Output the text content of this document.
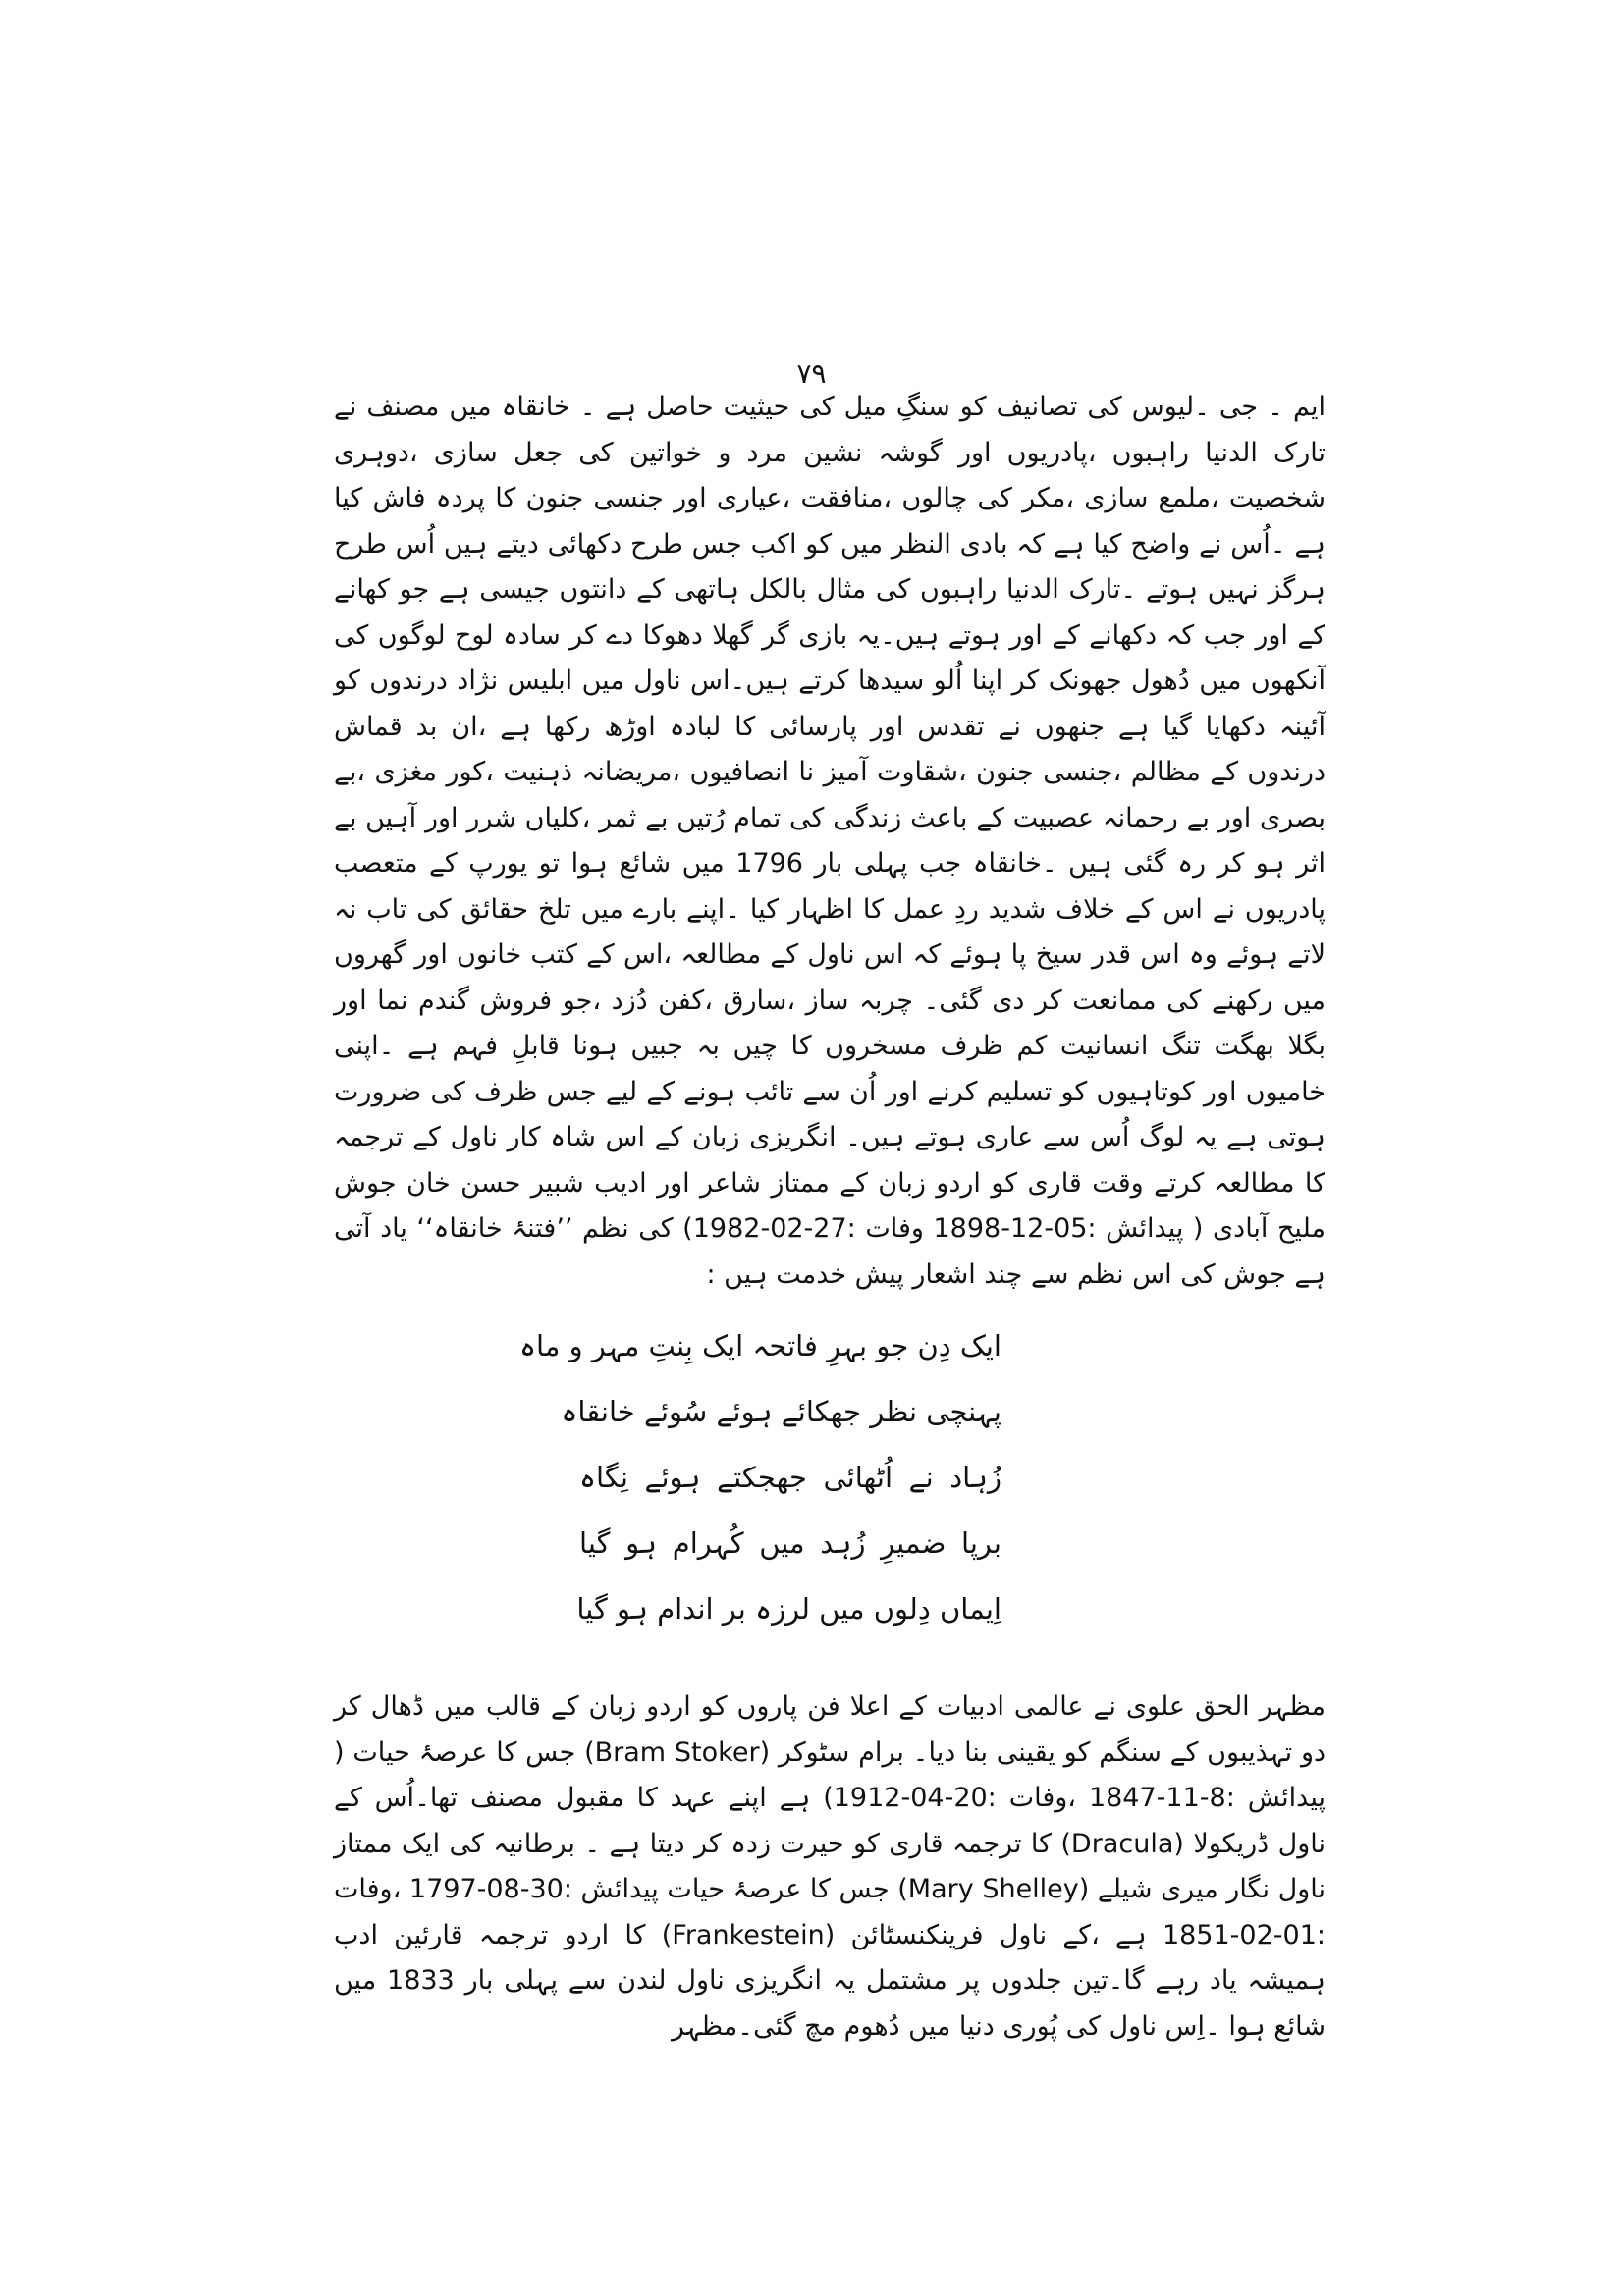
۷۹

ایم ۔ جی ۔لیوس کی تصانیف کو سنگِ میل کی حیثیت حاصل ہے ۔ خانقاہ میں مصنف نے تارک الدنیا راہبوں ،پادریوں اور گوشہ نشین مرد و خواتین کی جعل سازی ،دوہری شخصیت ،ملمع سازی ،مکر کی چالوں ،منافقت ،عیاری اور جنسی جنون کا پردہ فاش کیا ہے ۔اُس نے واضح کیا ہے کہ بادی النظر میں کو اکب جس طرح دکھائی دیتے ہیں اُس طرح ہرگز نہیں ہوتے ۔تارک الدنیا راہبوں کی مثال بالکل ہاتھی کے دانتوں جیسی ہے جو کھانے کے اور جب کہ دکھانے کے اور ہوتے ہیں۔یہ بازی گر گھلا دھوکا دے کر سادہ لوح لوگوں کی آنکھوں میں دُھول جھونک کر اپنا اُلو سیدھا کرتے ہیں۔اس ناول میں ابلیس نژاد درندوں کو آئینہ دکھایا گیا ہے جنھوں نے تقدس اور پارسائی کا لبادہ اوڑھ رکھا ہے ،ان بد قماش درندوں کے مظالم ،جنسی جنون ،شقاوت آمیز نا انصافیوں ،مریضانہ ذہنیت ،کور مغزی ،بے بصری اور بے رحمانہ عصبیت کے باعث زندگی کی تمام رُتیں بے ثمر ،کلیاں شرر اور آہیں بے اثر ہو کر رہ گئی ہیں ۔خانقاہ جب پہلی بار 1796 میں شائع ہوا تو یورپ کے متعصب پادریوں نے اس کے خلاف شدید ردِ عمل کا اظہار کیا ۔اپنے بارے میں تلخ حقائق کی تاب نہ لاتے ہوئے وہ اس قدر سیخ پا ہوئے کہ اس ناول کے مطالعہ ،اس کے کتب خانوں اور گھروں میں رکھنے کی ممانعت کر دی گئی۔ چربہ ساز ،سارق ،کفن دُزد ،جو فروش گندم نما اور بگلا بھگت تنگ انسانیت کم ظرف مسخروں کا چیں بہ جبیں ہونا قابلِ فہم ہے ۔اپنی خامیوں اور کوتاہیوں کو تسلیم کرنے اور اُن سے تائب ہونے کے لیے جس ظرف کی ضرورت ہوتی ہے یہ لوگ اُس سے عاری ہوتے ہیں۔ انگریزی زبان کے اس شاہ کار ناول کے ترجمہ کا مطالعہ کرتے وقت قاری کو اردو زبان کے ممتاز شاعر اور ادیب شبیر حسن خان جوش ملیح آبادی ( پیدائش :05-12-1898 وفات :27-02-1982) کی نظم ’’فتنۂ خانقاہ‘‘ یاد آتی ہے جوش کی اس نظم سے چند اشعار پیش خدمت ہیں :

ایک دِن جو بہرِ فاتحہ ایک بِنتِ مہر و ماہ
پہنچی نظر جھکائے ہوئے سُوئے خانقاہ
زُہاد نے اُٹھائی جھجکتے ہوئے نِگاہ
برپا ضمیرِ زُہد میں کُہرام ہو گیا
اِیماں دِلوں میں لرزہ بر اندام ہو گیا

مظہر الحق علوی نے عالمی ادبیات کے اعلا فن پاروں کو اردو زبان کے قالب میں ڈھال کر دو تہذیبوں کے سنگم کو یقینی بنا دیا۔ برام سٹوکر (Bram Stoker) جس کا عرصۂ حیات ( پیدائش :8-11-1847 ،وفات :20-04-1912) ہے اپنے عہد کا مقبول مصنف تھا۔اُس کے ناول ڈریکولا (Dracula) کا ترجمہ قاری کو حیرت زدہ کر دیتا ہے ۔ برطانیہ کی ایک ممتاز ناول نگار میری شیلے (Mary Shelley) جس کا عرصۂ حیات پیدائش :30-08-1797 ،وفات :01-02-1851 ہے ،کے ناول فرینکنسٹائن (Frankestein) کا اردو ترجمہ قارئین ادب ہمیشہ یاد رہے گا۔تین جلدوں پر مشتمل یہ انگریزی ناول لندن سے پہلی بار 1833 میں شائع ہوا ۔اِس ناول کی پُوری دنیا میں دُھوم مچ گئی۔مظہر
